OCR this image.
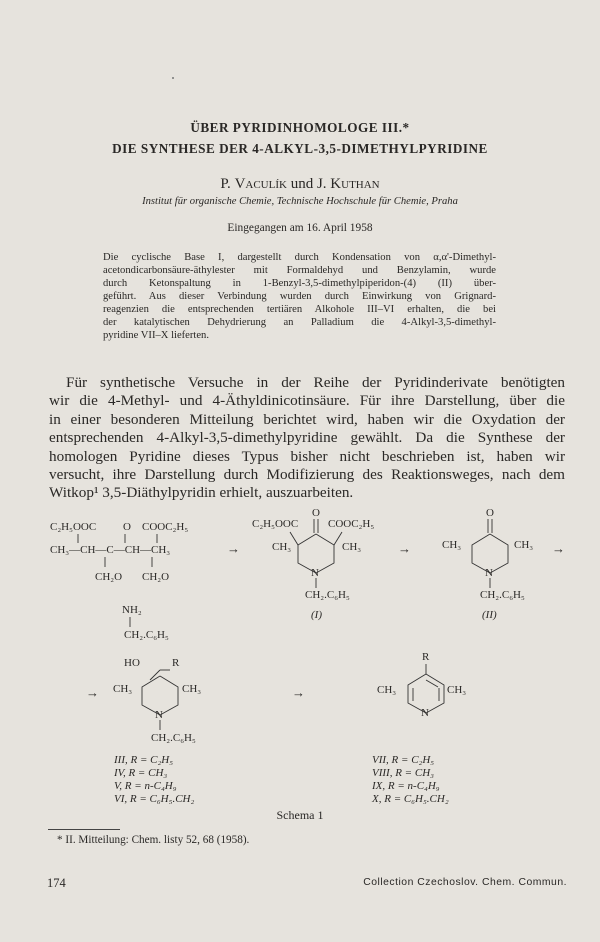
ÜBER PYRIDINHOMOLOGE III.*
DIE SYNTHESE DER 4-ALKYL-3,5-DIMETHYLPYRIDINE
P. Vaculík und J. Kuthan
Institut für organische Chemie, Technische Hochschule für Chemie, Praha
Eingegangen am 16. April 1958
Die cyclische Base I, dargestellt durch Kondensation von α,α'-Dimethyl-
acetondicarbonsäure-äthylester mit Formaldehyd und Benzylamin, wurde
durch Ketonspaltung in 1-Benzyl-3,5-dimethylpiperidon-(4) (II) über-
geführt. Aus dieser Verbindung wurden durch Einwirkung von Grignard-
reagenzien die entsprechenden tertiären Alkohole III–VI erhalten, die bei
der katalytischen Dehydrierung an Palladium die 4-Alkyl-3,5-dimethyl-
pyridine VII–X lieferten.
Für synthetische Versuche in der Reihe der Pyridinderivate benötigten
wir die 4-Methyl- und 4-Äthyldinicotinsäure. Für ihre Darstellung, über die
in einer besonderen Mitteilung berichtet wird, haben wir die Oxydation der
entsprechenden 4-Alkyl-3,5-dimethylpyridine gewählt. Da die Synthese der
homologen Pyridine dieses Typus bisher nicht beschrieben ist, haben wir
versucht, ihre Darstellung durch Modifizierung des Reaktionsweges, nach dem
Witkop¹ 3,5-Diäthylpyridin erhielt, auszuarbeiten.
C₂H₅OOC O COOC₂H₅
CH₃—CH—C—CH—CH₃
CH₂O CH₂O
NH₂
CH₂.C₆H₅
→
C₂H₅OOC
O
COOC₂H₅
CH₃	CH₃
N
CH₂.C₆H₅
(I)
→
O
CH₃	CH₃
N
CH₂.C₆H₅
(II)
→
→
HO	R
CH₃	CH₃
N
CH₂.C₆H₅
→
R
CH₃	CH₃
N
III, R = C₂H₅
IV, R = CH₃
V, R = n-C₄H₉
VI, R = C₆H₅.CH₂
VII, R = C₂H₅
VIII, R = CH₃
IX, R = n-C₄H₉
X, R = C₆H₅.CH₂
Schema 1
* II. Mitteilung: Chem. listy 52, 68 (1958).
174	Collection Czechoslov. Chem. Commun.
